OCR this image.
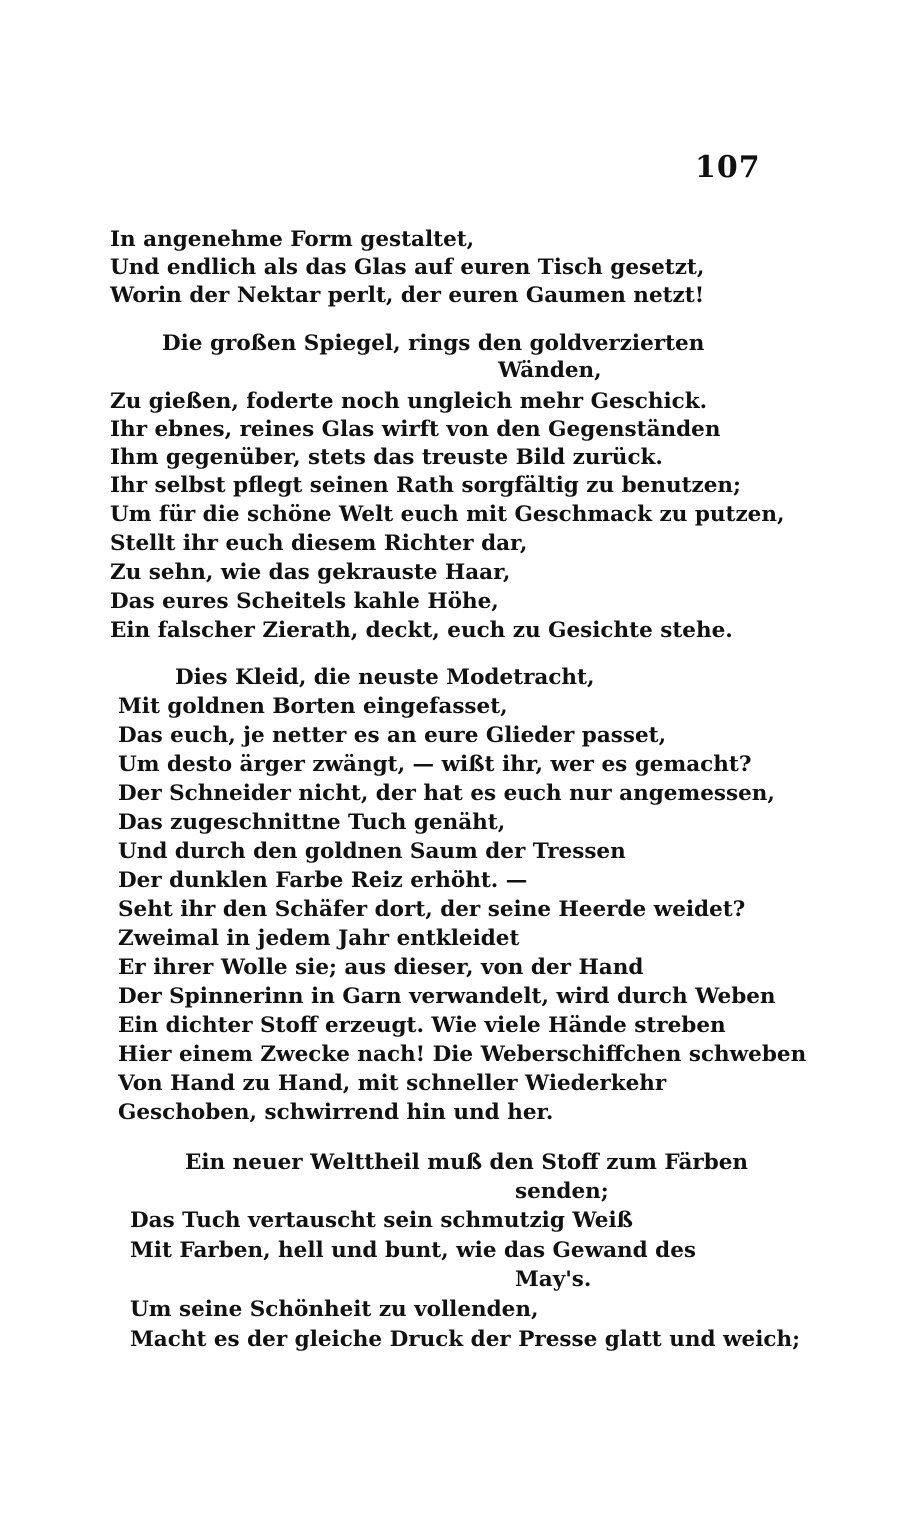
107
In angenehme Form gestaltet,
Und endlich als das Glas auf euren Tisch gesetzt,
Worin der Nektar perlt, der euren Gaumen netzt!
Die großen Spiegel, rings den goldverzierten
Wänden,
Zu gießen, foderte noch ungleich mehr Geschick.
Ihr ebnes, reines Glas wirft von den Gegenständen
Ihm gegenüber, stets das treuste Bild zurück.
Ihr selbst pflegt seinen Rath sorgfältig zu benutzen;
Um für die schöne Welt euch mit Geschmack zu putzen,
Stellt ihr euch diesem Richter dar,
Zu sehn, wie das gekrauste Haar,
Das eures Scheitels kahle Höhe,
Ein falscher Zierath, deckt, euch zu Gesichte stehe.
Dies Kleid, die neuste Modetracht,
Mit goldnen Borten eingefasset,
Das euch, je netter es an eure Glieder passet,
Um desto ärger zwängt, — wißt ihr, wer es gemacht?
Der Schneider nicht, der hat es euch nur angemessen,
Das zugeschnittne Tuch genäht,
Und durch den goldnen Saum der Tressen
Der dunklen Farbe Reiz erhöht. —
Seht ihr den Schäfer dort, der seine Heerde weidet?
Zweimal in jedem Jahr entkleidet
Er ihrer Wolle sie; aus dieser, von der Hand
Der Spinnerinn in Garn verwandelt, wird durch Weben
Ein dichter Stoff erzeugt. Wie viele Hände streben
Hier einem Zwecke nach! Die Weberschiffchen schweben
Von Hand zu Hand, mit schneller Wiederkehr
Geschoben, schwirrend hin und her.
Ein neuer Welttheil muß den Stoff zum Färben
senden;
Das Tuch vertauscht sein schmutzig Weiß
Mit Farben, hell und bunt, wie das Gewand des
May's.
Um seine Schönheit zu vollenden,
Macht es der gleiche Druck der Presse glatt und weich;
